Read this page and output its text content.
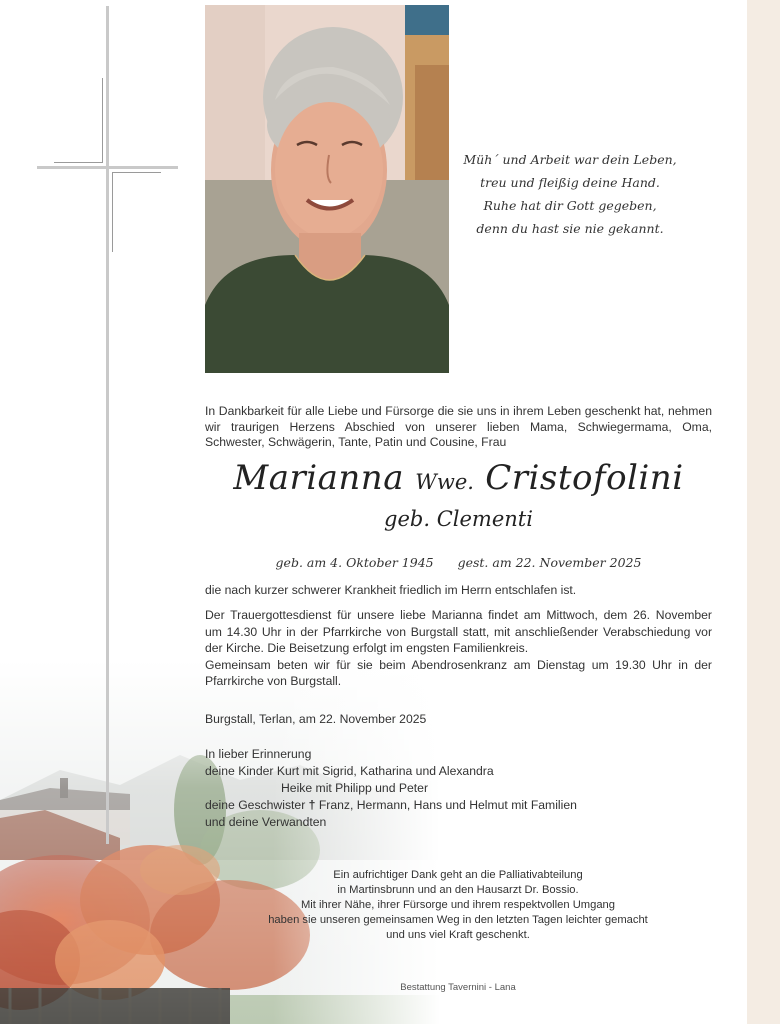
Müh´ und Arbeit war dein Leben,
treu und fleißig deine Hand.
Ruhe hat dir Gott gegeben,
denn du hast sie nie gekannt.
In Dankbarkeit für alle Liebe und Fürsorge die sie uns in ihrem Leben geschenkt hat, nehmen
wir traurigen Herzens Abschied von unserer lieben Mama, Schwiegermama, Oma,
Schwester, Schwägerin, Tante, Patin und Cousine, Frau
Marianna Wwe. Cristofolini
geb. Clementi
geb. am 4. Oktober 1945 gest. am 22. November 2025
die nach kurzer schwerer Krankheit friedlich im Herrn entschlafen ist.
Der Trauergottesdienst für unsere liebe Marianna findet am Mittwoch, dem 26. November
um 14.30 Uhr in der Pfarrkirche von Burgstall statt, mit anschließender Verabschiedung vor
der Kirche. Die Beisetzung erfolgt im engsten Familienkreis.
Gemeinsam beten wir für sie beim Abendrosenkranz am Dienstag um 19.30 Uhr in der
Pfarrkirche von Burgstall.
Burgstall, Terlan, am 22. November 2025
In lieber Erinnerung
deine Kinder Kurt mit Sigrid, Katharina und Alexandra
Heike mit Philipp und Peter
deine Geschwister † Franz, Hermann, Hans und Helmut mit Familien
und deine Verwandten
Ein aufrichtiger Dank geht an die Palliativabteilung
in Martinsbrunn und an den Hausarzt Dr. Bossio.
Mit ihrer Nähe, ihrer Fürsorge und ihrem respektvollen Umgang
haben sie unseren gemeinsamen Weg in den letzten Tagen leichter gemacht
und uns viel Kraft geschenkt.
Bestattung Tavernini - Lana
